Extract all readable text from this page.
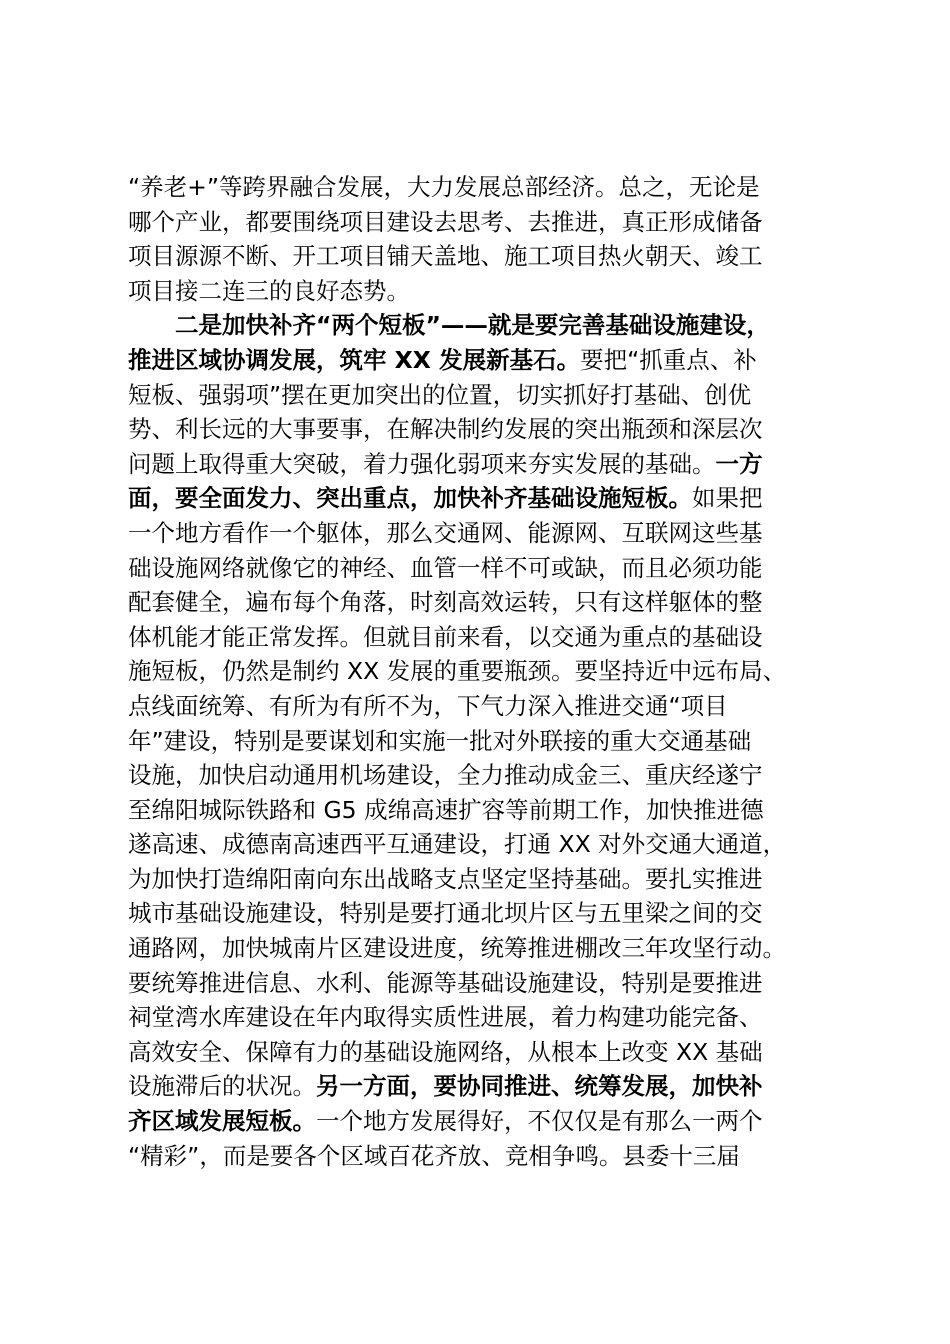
“养老+”等跨界融合发展，大力发展总部经济。总之，无论是
哪个产业，都要围绕项目建设去思考、去推进，真正形成储备
项目源源不断、开工项目铺天盖地、施工项目热火朝天、竣工
项目接二连三的良好态势。
二是加快补齐“两个短板”——就是要完善基础设施建设，
推进区域协调发展，筑牢 XX 发展新基石。要把“抓重点、补
短板、强弱项”摆在更加突出的位置，切实抓好打基础、创优
势、利长远的大事要事，在解决制约发展的突出瓶颈和深层次
问题上取得重大突破，着力强化弱项来夯实发展的基础。一方
面，要全面发力、突出重点，加快补齐基础设施短板。如果把
一个地方看作一个躯体，那么交通网、能源网、互联网这些基
础设施网络就像它的神经、血管一样不可或缺，而且必须功能
配套健全，遍布每个角落，时刻高效运转，只有这样躯体的整
体机能才能正常发挥。但就目前来看，以交通为重点的基础设
施短板，仍然是制约 XX 发展的重要瓶颈。要坚持近中远布局、
点线面统筹、有所为有所不为，下气力深入推进交通“项目
年”建设，特别是要谋划和实施一批对外联接的重大交通基础
设施，加快启动通用机场建设，全力推动成金三、重庆经遂宁
至绵阳城际铁路和 G5 成绵高速扩容等前期工作，加快推进德
遂高速、成德南高速西平互通建设，打通 XX 对外交通大通道，
为加快打造绵阳南向东出战略支点坚定坚持基础。要扎实推进
城市基础设施建设，特别是要打通北坝片区与五里梁之间的交
通路网，加快城南片区建设进度，统筹推进棚改三年攻坚行动。
要统筹推进信息、水利、能源等基础设施建设，特别是要推进
祠堂湾水库建设在年内取得实质性进展，着力构建功能完备、
高效安全、保障有力的基础设施网络，从根本上改变 XX 基础
设施滞后的状况。另一方面，要协同推进、统筹发展，加快补
齐区域发展短板。一个地方发展得好，不仅仅是有那么一两个
“精彩”，而是要各个区域百花齐放、竞相争鸣。县委十三届
